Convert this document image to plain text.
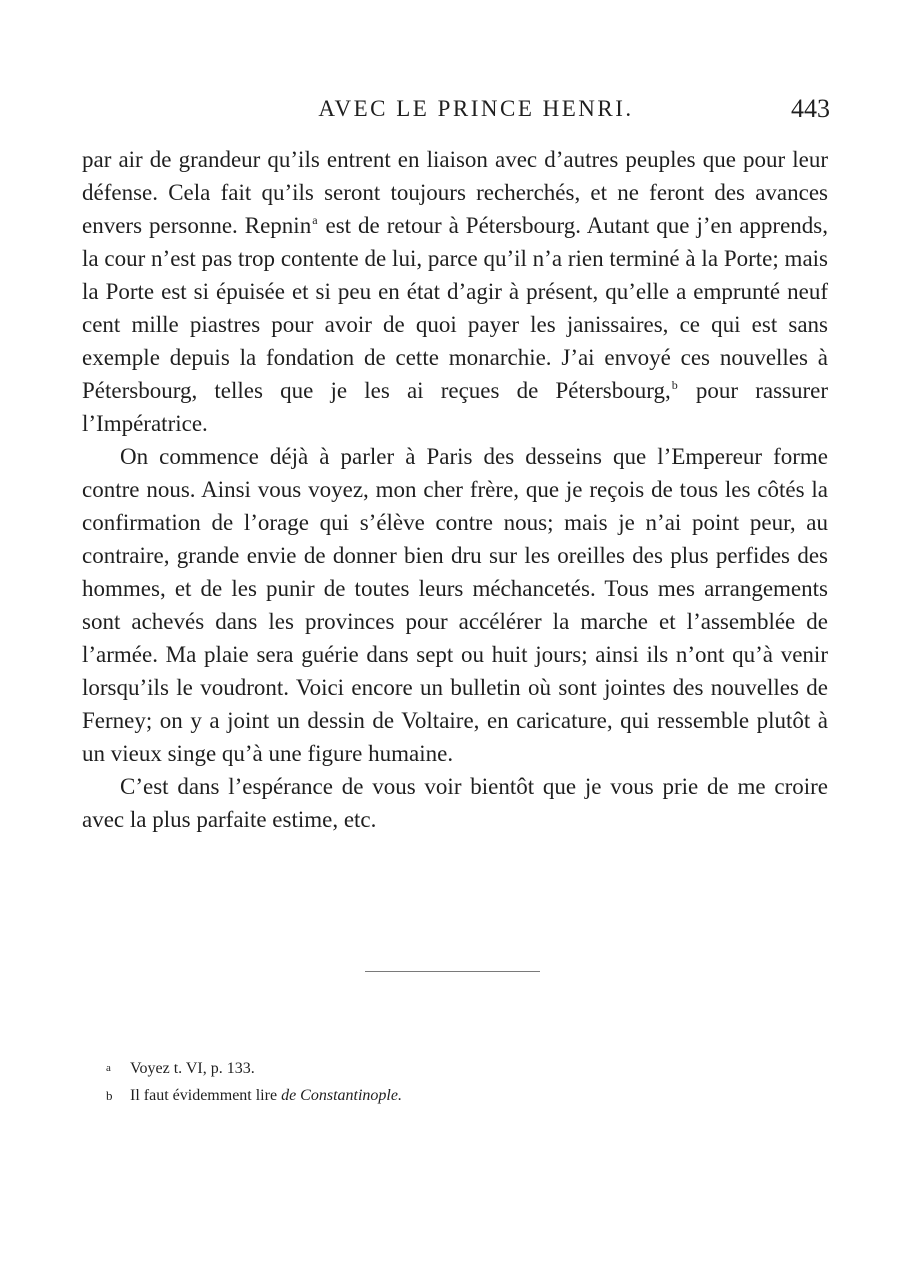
AVEC LE PRINCE HENRI.	443

par air de grandeur qu’ils entrent en liaison avec d’autres peuples que pour leur défense. Cela fait qu’ils seront toujours recherchés, et ne feront des avances envers personne. Repnin$^a$ est de retour à Pétersbourg. Autant que j’en apprends, la cour n’est pas trop contente de lui, parce qu’il n’a rien terminé à la Porte; mais la Porte est si épuisée et si peu en état d’agir à présent, qu’elle a emprunté neuf cent mille piastres pour avoir de quoi payer les janissaires, ce qui est sans exemple depuis la fondation de cette monarchie. J’ai envoyé ces nouvelles à Pétersbourg, telles que je les ai reçues de Pétersbourg,$^b$ pour rassurer l’Impératrice.

On commence déjà à parler à Paris des desseins que l’Empereur forme contre nous. Ainsi vous voyez, mon cher frère, que je reçois de tous les côtés la confirmation de l’orage qui s’élève contre nous; mais je n’ai point peur, au contraire, grande envie de donner bien dru sur les oreilles des plus perfides des hommes, et de les punir de toutes leurs méchancetés. Tous mes arrangements sont achevés dans les provinces pour accélérer la marche et l’assemblée de l’armée. Ma plaie sera guérie dans sept ou huit jours; ainsi ils n’ont qu’à venir lorsqu’ils le voudront. Voici encore un bulletin où sont jointes des nouvelles de Ferney; on y a joint un dessin de Voltaire, en caricature, qui ressemble plutôt à un vieux singe qu’à une figure humaine.

C’est dans l’espérance de vous voir bientôt que je vous prie de me croire avec la plus parfaite estime, etc.

a	Voyez t. VI, p. 133.
b	Il faut évidemment lire de Constantinople.
